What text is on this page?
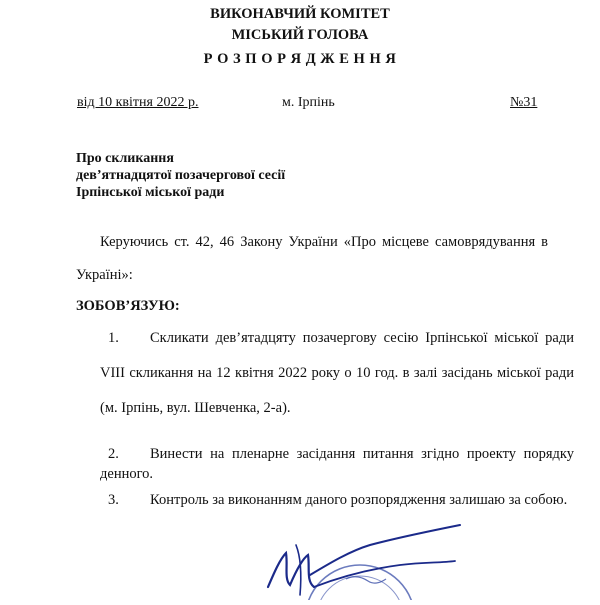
ВИКОНАВЧИЙ КОМІТЕТ
МІСЬКИЙ ГОЛОВА
Р О З П О Р Я Д Ж Е Н Н Я
від 10 квітня 2022 р.	м. Ірпінь	№31
Про скликання
дев’ятнадцятої позачергової сесії
Ірпінської міської ради
Керуючись ст. 42, 46 Закону України «Про місцеве самоврядування в
Україні»:
ЗОБОВ’ЯЗУЮ:
1. Скликати дев’ятадцяту позачергову сесію Ірпінської міської ради
VIII скликання на 12 квітня 2022 року о 10 год. в залі засідань міської ради
(м. Ірпінь, вул. Шевченка, 2-а).
2. Винести на пленарне засідання питання згідно проекту порядку
денного.
3. Контроль за виконанням даного розпорядження залишаю за собою.
